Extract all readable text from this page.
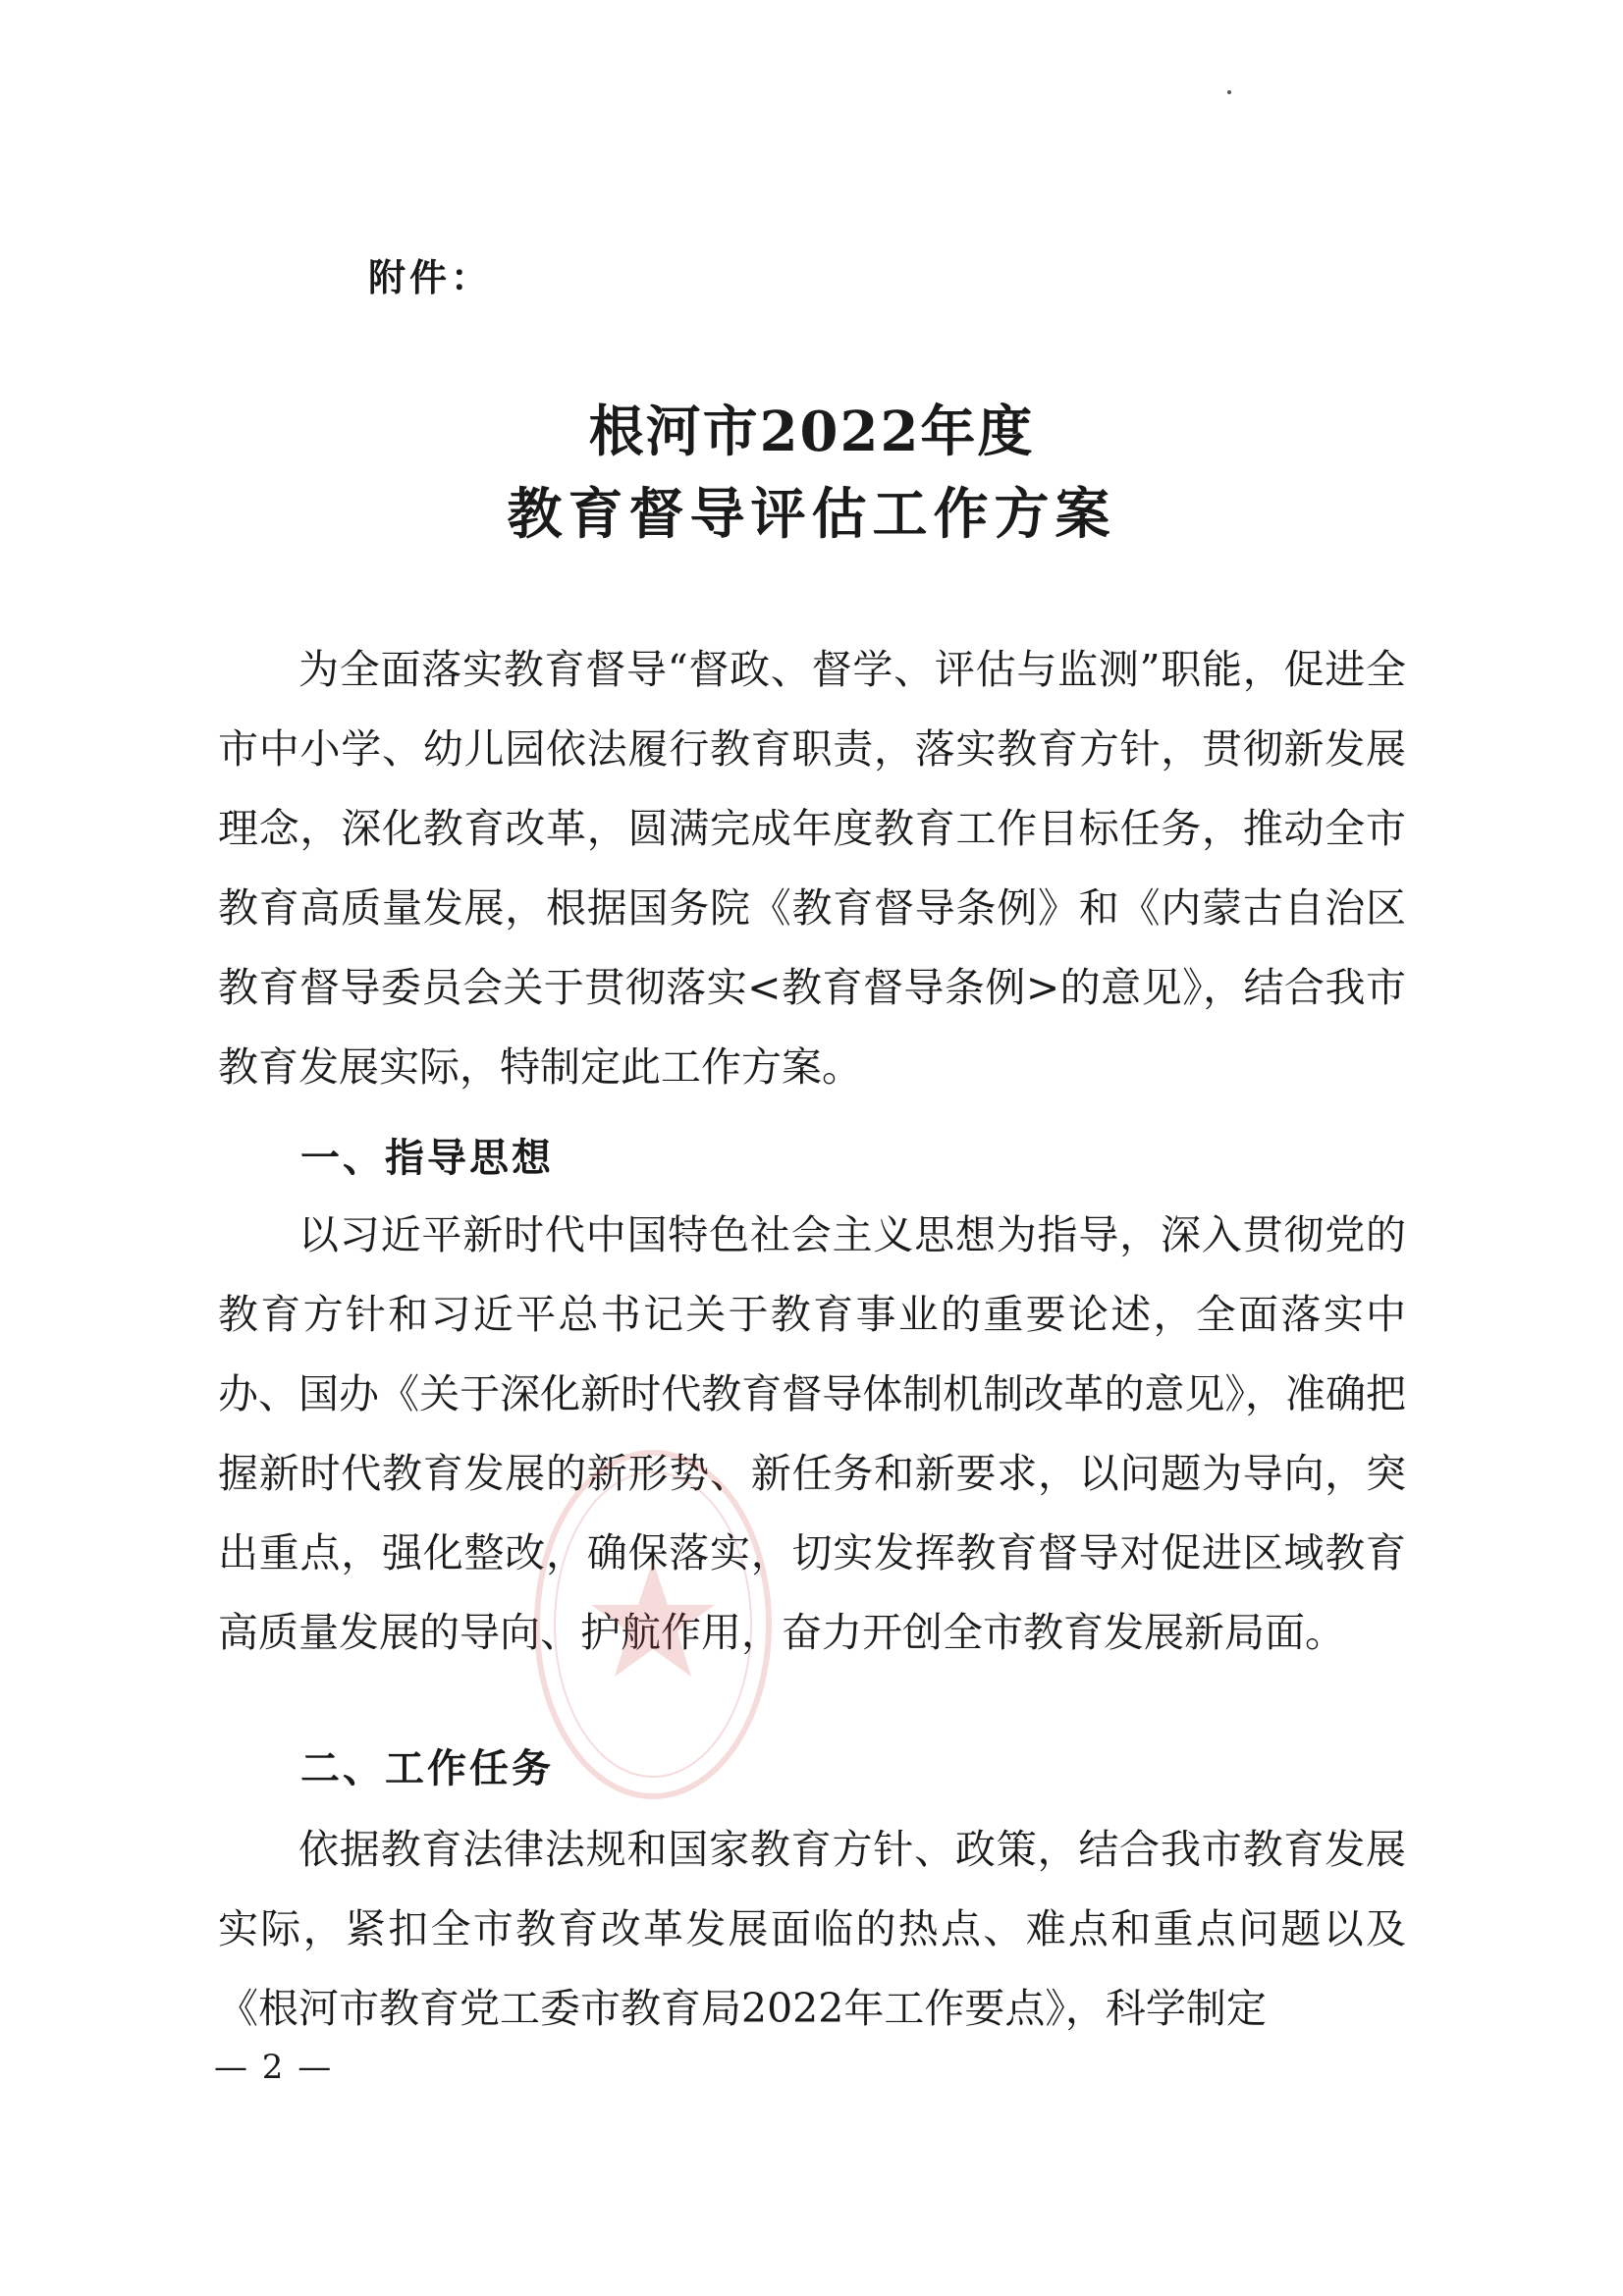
附件：
根河市2022年度
教育督导评估工作方案

为全面落实教育督导“督政、督学、评估与监测”职能，促进全市中小学、幼儿园依法履行教育职责，落实教育方针，贯彻新发展理念，深化教育改革，圆满完成年度教育工作目标任务，推动全市教育高质量发展，根据国务院《教育督导条例》和《内蒙古自治区教育督导委员会关于贯彻落实<教育督导条例>的意见》，结合我市教育发展实际，特制定此工作方案。

一、指导思想

以习近平新时代中国特色社会主义思想为指导，深入贯彻党的教育方针和习近平总书记关于教育事业的重要论述，全面落实中办、国办《关于深化新时代教育督导体制机制改革的意见》，准确把握新时代教育发展的新形势、新任务和新要求，以问题为导向，突出重点，强化整改，确保落实，切实发挥教育督导对促进区域教育高质量发展的导向、护航作用，奋力开创全市教育发展新局面。

二、工作任务

依据教育法律法规和国家教育方针、政策，结合我市教育发展实际，紧扣全市教育改革发展面临的热点、难点和重点问题以及《根河市教育党工委市教育局2022年工作要点》，科学制定

— 2 —
